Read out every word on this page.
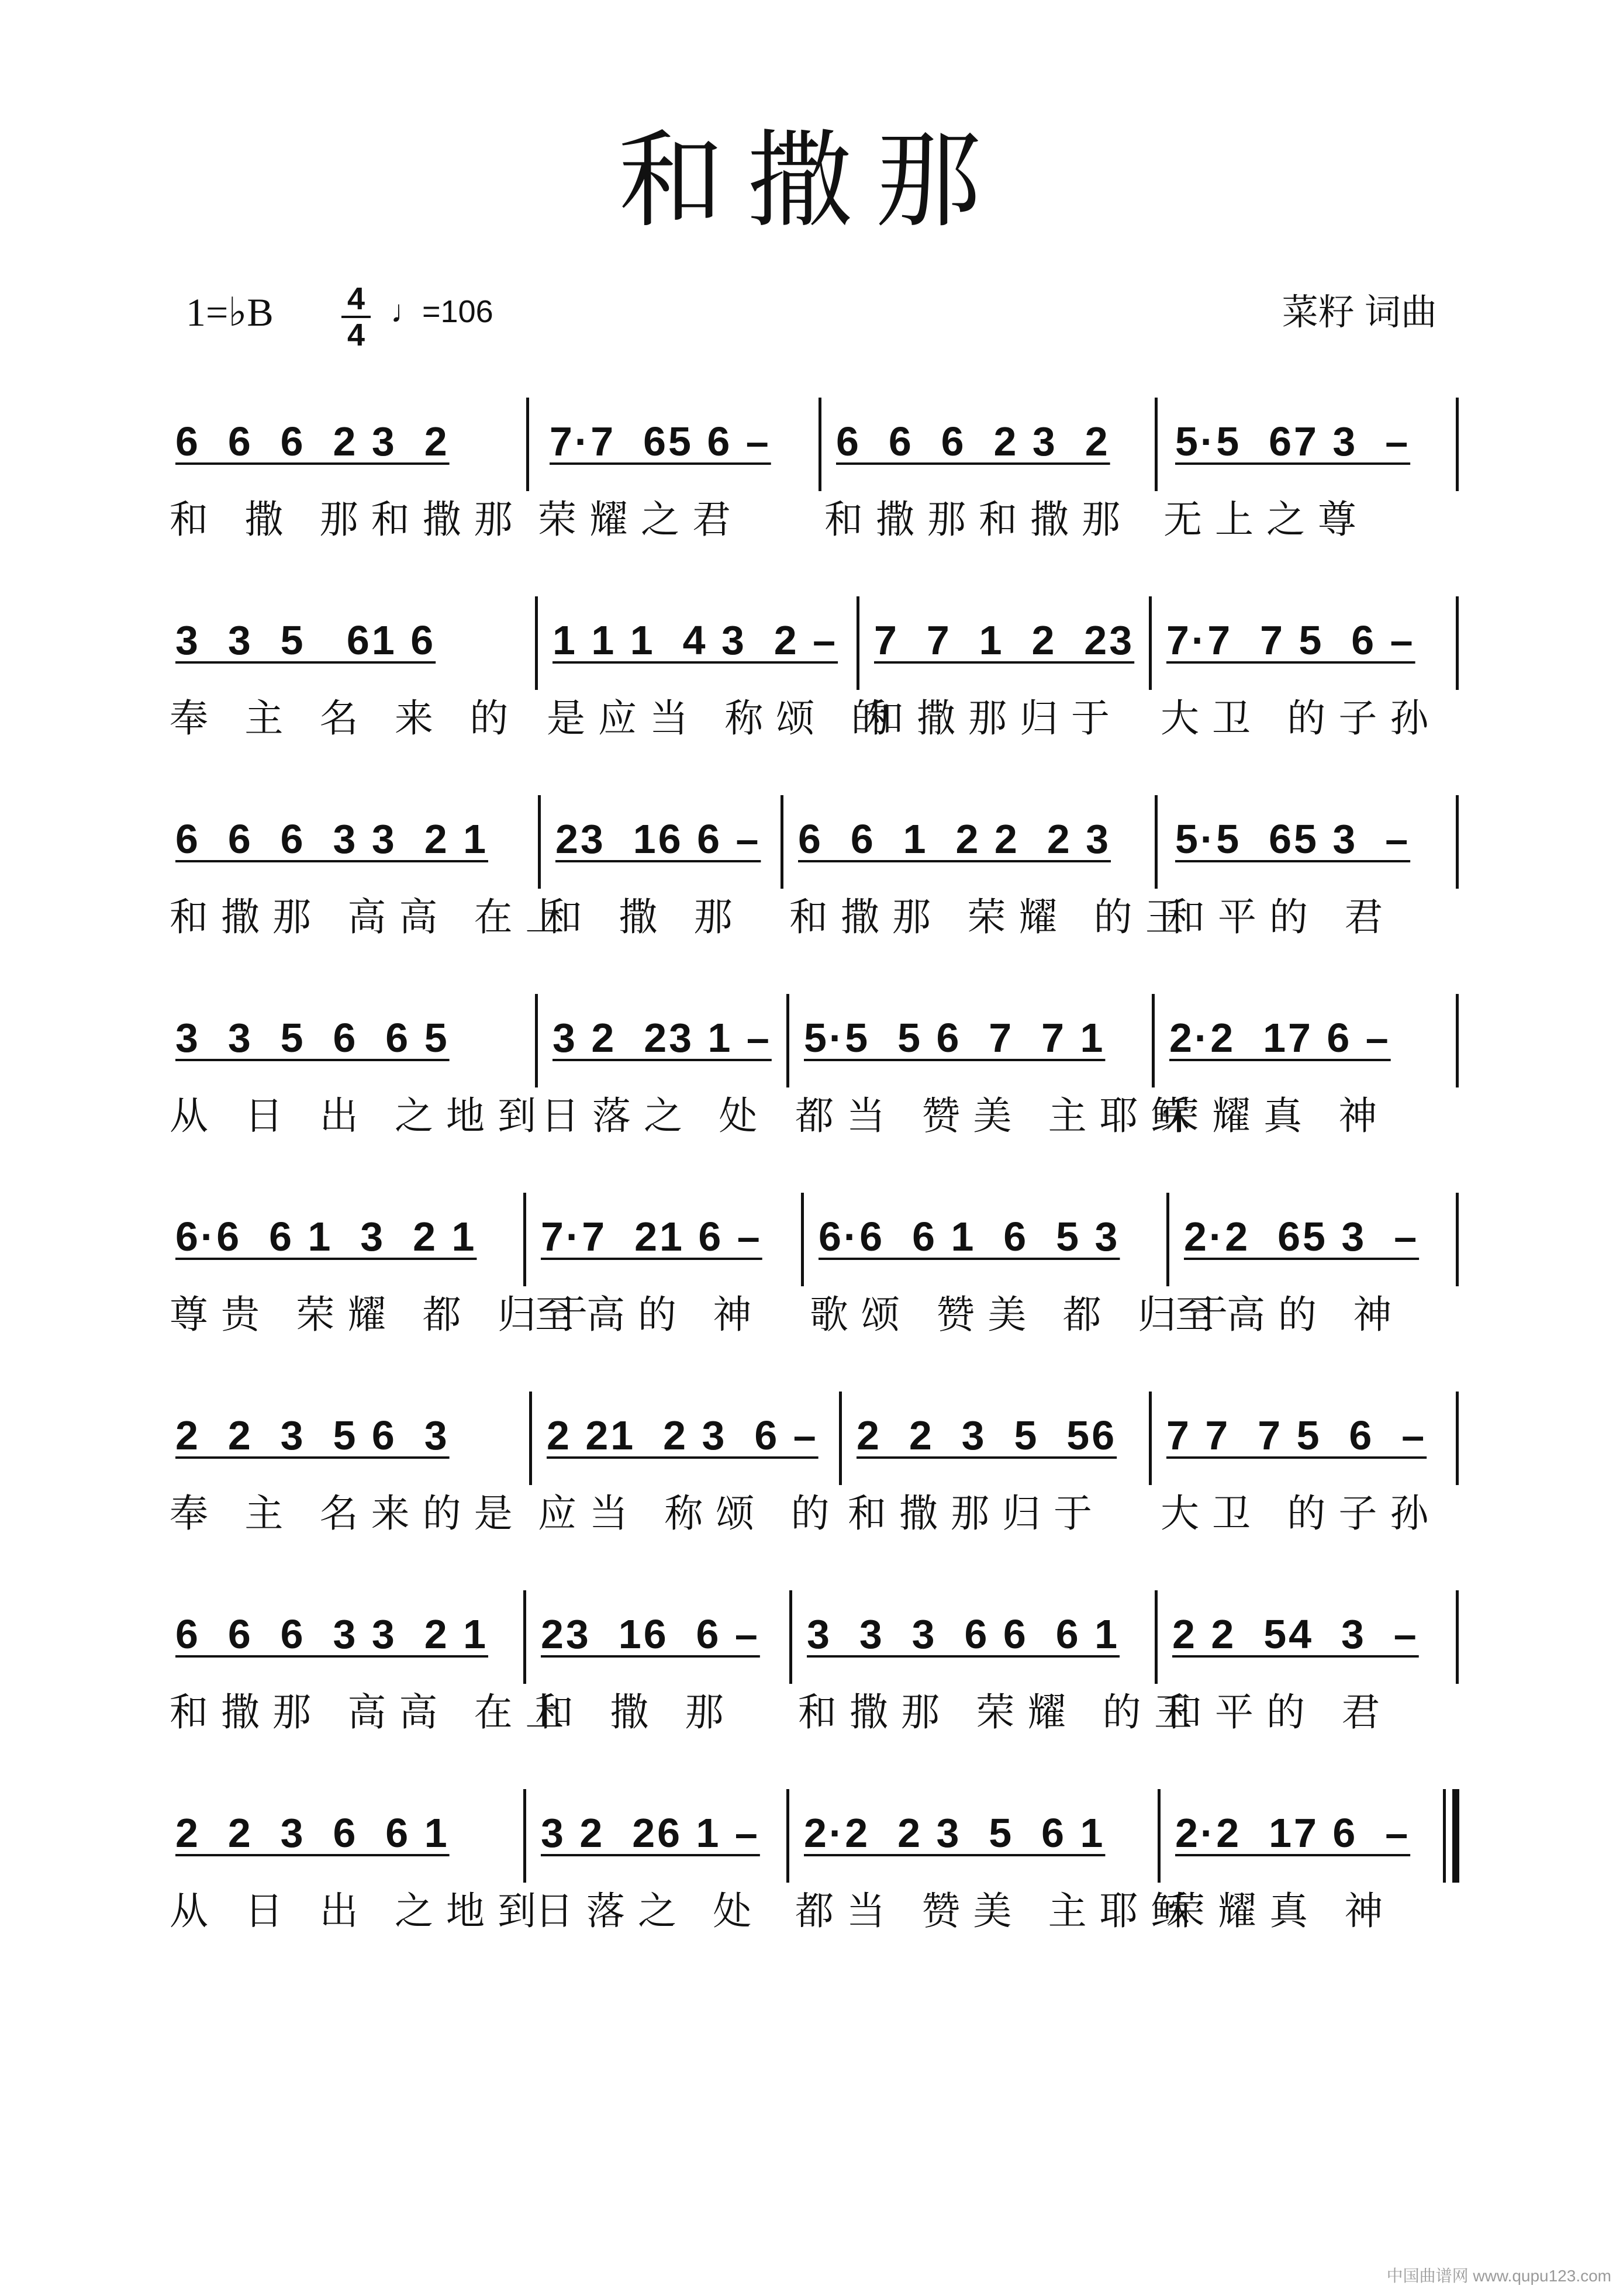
和撒那
1=♭B 4
4
♩=106	菜籽 词曲
6  6  6  2 3  2 7·7  65 6 – 6  6  6  2 3  2 5·5  67 3  –
和 撒 那和撒那 荣耀之君 和撒那和撒那 无上之尊
3  3  5   61 6	1 1 1  4 3  2 – 7  7  1  2  23 7·7  7 5  6 –
奉 主 名 来 的 是应当 称颂 的
和撒那归于 大卫 的子孙
6  6  6  3 3  2 1 23  16 6 – 6  6  1  2 2  2 3 5·5  65 3  –
和撒那 高高 在上
和 撒 那 和撒那 荣耀 的王
和平的 君
3  3  5  6  6 5	3 2  23 1 – 5·5  5 6  7  7 1 2·2  17 6 –
从 日 出 之地到
日落之 处 都当 赞美 主耶稣
荣耀真 神
6·6  6 1  3  2 1 7·7  21 6 – 6·6  6 1  6  5 3 2·2  65 3  –
尊贵 荣耀 都 归于
至高的 神 歌颂 赞美 都 归于
至高的 神
2  2  3  5 6  3 2 21  2 3  6 – 2  2  3  5  56 7 7  7 5  6  –
奉 主 名来的是 应当 称颂 的 和撒那归于 大卫 的子孙
6  6  6  3 3  2 1 23  16  6 – 3  3  3  6 6  6 1 2 2  54  3  –
和撒那 高高 在上
和 撒 那 和撒那 荣耀 的王
和平的 君
2  2  3  6  6 1 3 2  26 1 – 2·2  2 3  5  6 1 2·2  17 6  –
从 日 出 之地到
日落之 处 都当 赞美 主耶稣
荣耀真 神
中国曲谱网 www.qupu123.com
